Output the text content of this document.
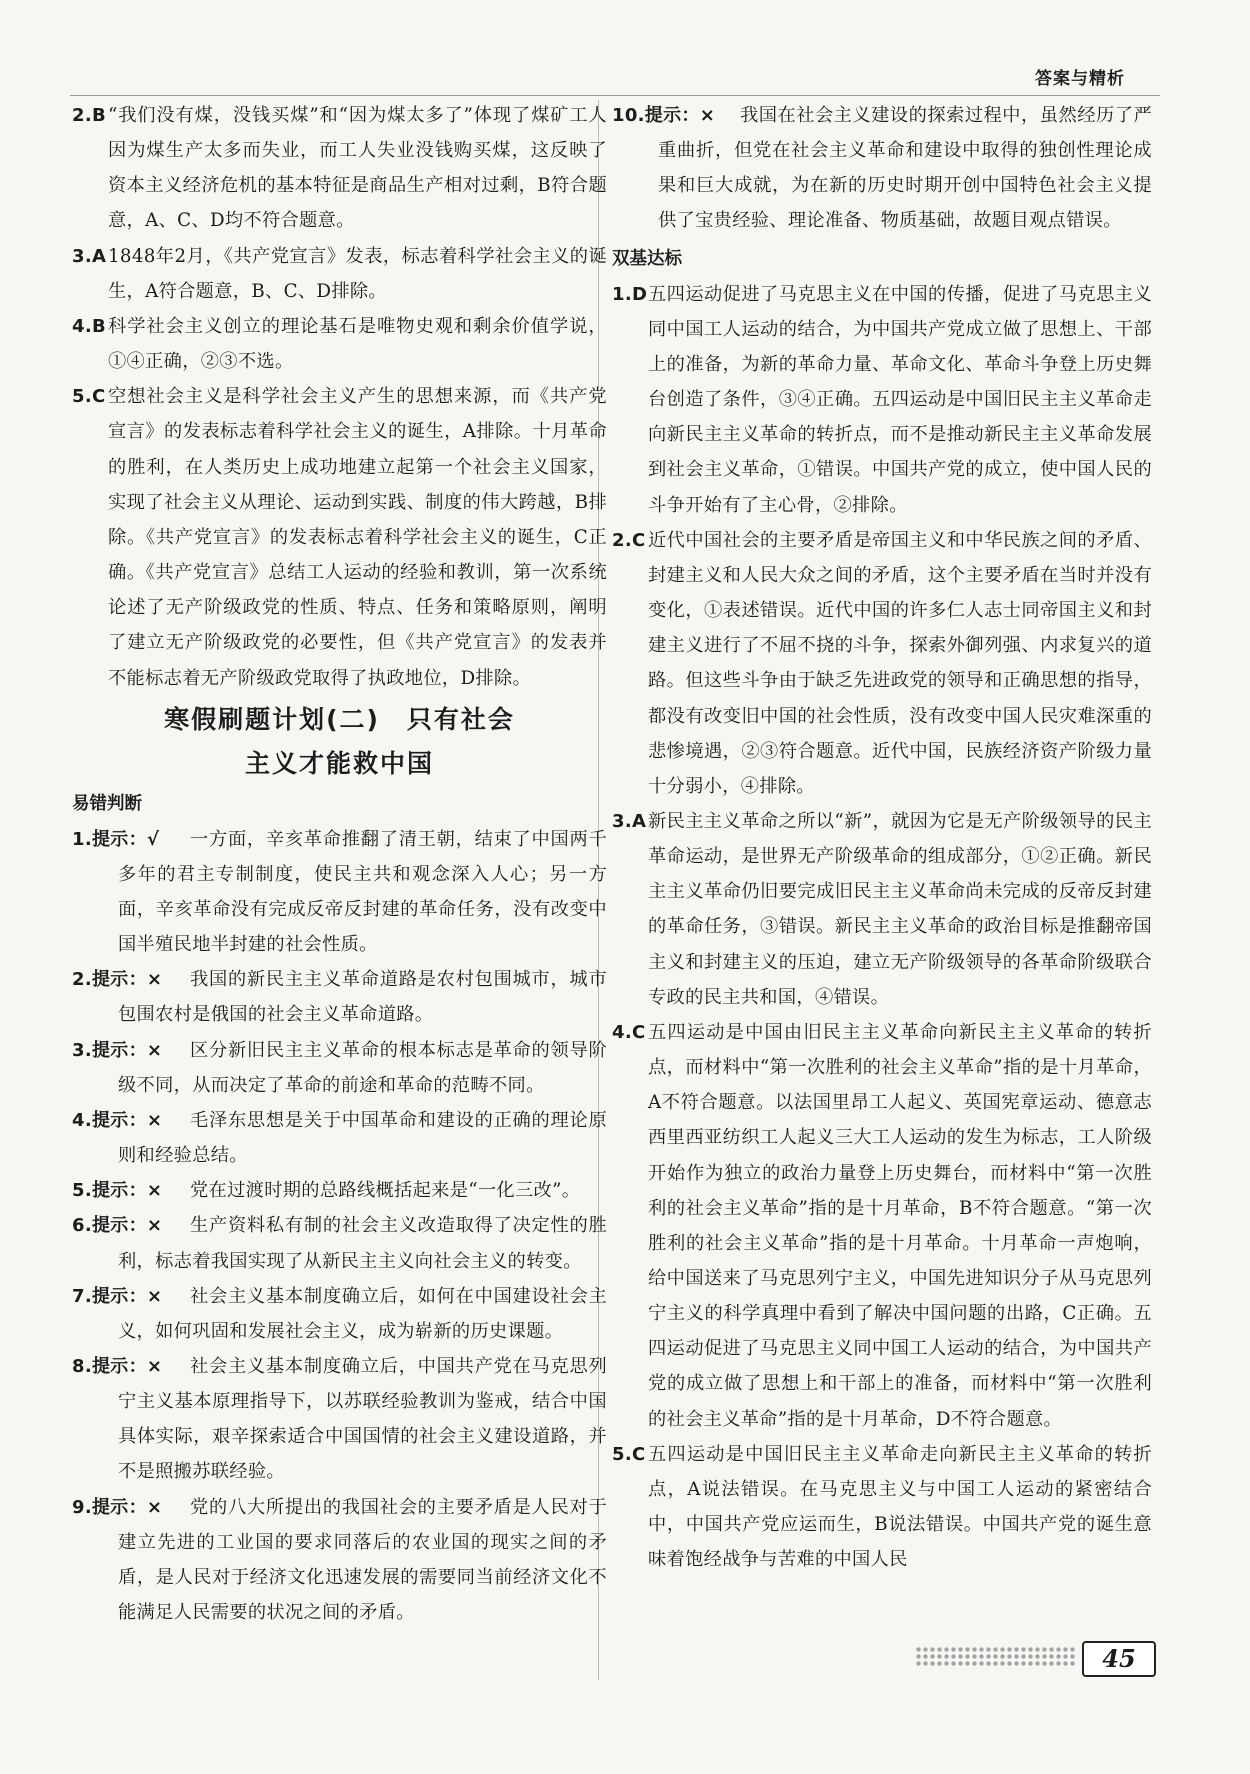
答案与精析
2.B “我们没有煤，没钱买煤”和“因为煤太多了”体现了煤矿工人因为煤生产太多而失业，而工人失业没钱购买煤，这反映了资本主义经济危机的基本特征是商品生产相对过剩，B符合题意，A、C、D均不符合题意。
3.A 1848年2月，《共产党宣言》发表，标志着科学社会主义的诞生，A符合题意，B、C、D排除。
4.B 科学社会主义创立的理论基石是唯物史观和剩余价值学说，①④正确，②③不选。
5.C 空想社会主义是科学社会主义产生的思想来源，而《共产党宣言》的发表标志着科学社会主义的诞生，A排除。十月革命的胜利，在人类历史上成功地建立起第一个社会主义国家，实现了社会主义从理论、运动到实践、制度的伟大跨越，B排除。《共产党宣言》的发表标志着科学社会主义的诞生，C正确。《共产党宣言》总结工人运动的经验和教训，第一次系统论述了无产阶级政党的性质、特点、任务和策略原则，阐明了建立无产阶级政党的必要性，但《共产党宣言》的发表并不能标志着无产阶级政党取得了执政地位，D排除。
寒假刷题计划(二)　只有社会
主义才能救中国
易错判断
1.提示：√ 一方面，辛亥革命推翻了清王朝，结束了中国两千多年的君主专制制度，使民主共和观念深入人心；另一方面，辛亥革命没有完成反帝反封建的革命任务，没有改变中国半殖民地半封建的社会性质。
2.提示：× 我国的新民主主义革命道路是农村包围城市，城市包围农村是俄国的社会主义革命道路。
3.提示：× 区分新旧民主主义革命的根本标志是革命的领导阶级不同，从而决定了革命的前途和革命的范畴不同。
4.提示：× 毛泽东思想是关于中国革命和建设的正确的理论原则和经验总结。
5.提示：× 党在过渡时期的总路线概括起来是“一化三改”。
6.提示：× 生产资料私有制的社会主义改造取得了决定性的胜利，标志着我国实现了从新民主主义向社会主义的转变。
7.提示：× 社会主义基本制度确立后，如何在中国建设社会主义，如何巩固和发展社会主义，成为崭新的历史课题。
8.提示：× 社会主义基本制度确立后，中国共产党在马克思列宁主义基本原理指导下，以苏联经验教训为鉴戒，结合中国具体实际，艰辛探索适合中国国情的社会主义建设道路，并不是照搬苏联经验。
9.提示：× 党的八大所提出的我国社会的主要矛盾是人民对于建立先进的工业国的要求同落后的农业国的现实之间的矛盾，是人民对于经济文化迅速发展的需要同当前经济文化不能满足人民需要的状况之间的矛盾。
10.提示：× 我国在社会主义建设的探索过程中，虽然经历了严重曲折，但党在社会主义革命和建设中取得的独创性理论成果和巨大成就，为在新的历史时期开创中国特色社会主义提供了宝贵经验、理论准备、物质基础，故题目观点错误。
双基达标
1.D 五四运动促进了马克思主义在中国的传播，促进了马克思主义同中国工人运动的结合，为中国共产党成立做了思想上、干部上的准备，为新的革命力量、革命文化、革命斗争登上历史舞台创造了条件，③④正确。五四运动是中国旧民主主义革命走向新民主主义革命的转折点，而不是推动新民主主义革命发展到社会主义革命，①错误。中国共产党的成立，使中国人民的斗争开始有了主心骨，②排除。
2.C 近代中国社会的主要矛盾是帝国主义和中华民族之间的矛盾、封建主义和人民大众之间的矛盾，这个主要矛盾在当时并没有变化，①表述错误。近代中国的许多仁人志士同帝国主义和封建主义进行了不屈不挠的斗争，探索外御列强、内求复兴的道路。但这些斗争由于缺乏先进政党的领导和正确思想的指导，都没有改变旧中国的社会性质，没有改变中国人民灾难深重的悲惨境遇，②③符合题意。近代中国，民族经济资产阶级力量十分弱小，④排除。
3.A 新民主主义革命之所以“新”，就因为它是无产阶级领导的民主革命运动，是世界无产阶级革命的组成部分，①②正确。新民主主义革命仍旧要完成旧民主主义革命尚未完成的反帝反封建的革命任务，③错误。新民主主义革命的政治目标是推翻帝国主义和封建主义的压迫，建立无产阶级领导的各革命阶级联合专政的民主共和国，④错误。
4.C 五四运动是中国由旧民主主义革命向新民主主义革命的转折点，而材料中“第一次胜利的社会主义革命”指的是十月革命，A不符合题意。以法国里昂工人起义、英国宪章运动、德意志西里西亚纺织工人起义三大工人运动的发生为标志，工人阶级开始作为独立的政治力量登上历史舞台，而材料中“第一次胜利的社会主义革命”指的是十月革命，B不符合题意。“第一次胜利的社会主义革命”指的是十月革命。十月革命一声炮响，给中国送来了马克思列宁主义，中国先进知识分子从马克思列宁主义的科学真理中看到了解决中国问题的出路，C正确。五四运动促进了马克思主义同中国工人运动的结合，为中国共产党的成立做了思想上和干部上的准备，而材料中“第一次胜利的社会主义革命”指的是十月革命，D不符合题意。
5.C 五四运动是中国旧民主主义革命走向新民主主义革命的转折点，A说法错误。在马克思主义与中国工人运动的紧密结合中，中国共产党应运而生，B说法错误。中国共产党的诞生意味着饱经战争与苦难的中国人民
45
